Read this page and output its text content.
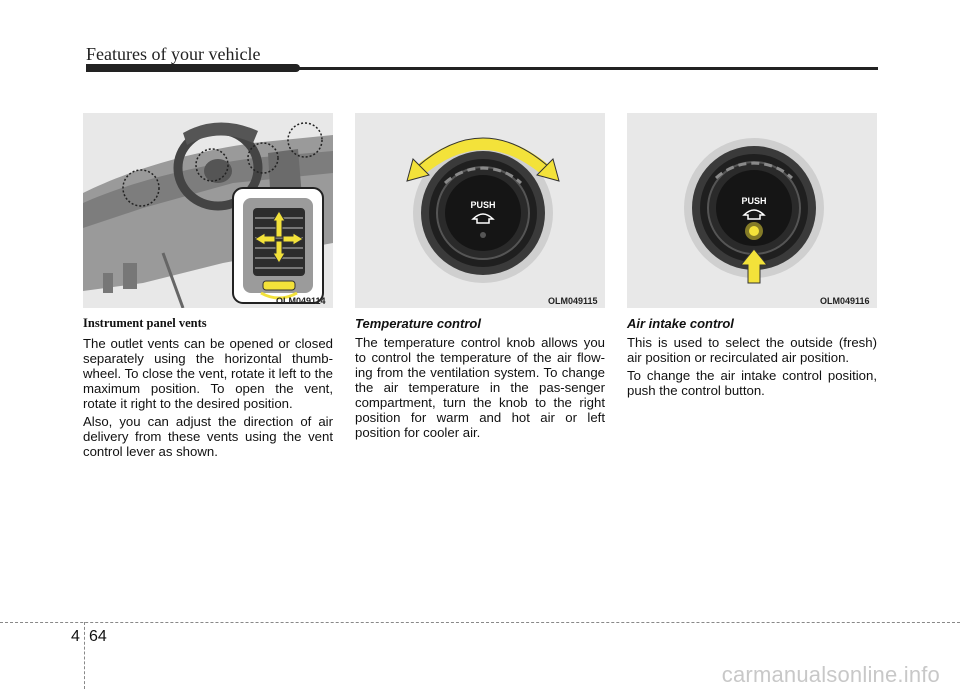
Features of your vehicle
OLM049114
PUSH
OLM049115
PUSH
OLM049116
Instrument panel vents

The outlet vents can be opened or closed separately using the horizontal thumb-wheel. To close the vent, rotate it left to the maximum position. To open the vent, rotate it right to the desired position.

Also, you can adjust the direction of air delivery from these vents using the vent control lever as shown.

Temperature control

The temperature control knob allows you to control the temperature of the air flow-ing from the ventilation system. To change the air temperature in the pas-senger compartment, turn the knob to the right position for warm and hot air or left position for cooler air.

Air intake control

This is used to select the outside (fresh) air position or recirculated air position.

To change the air intake control position, push the control button.

4 64
carmanualsonline.info
